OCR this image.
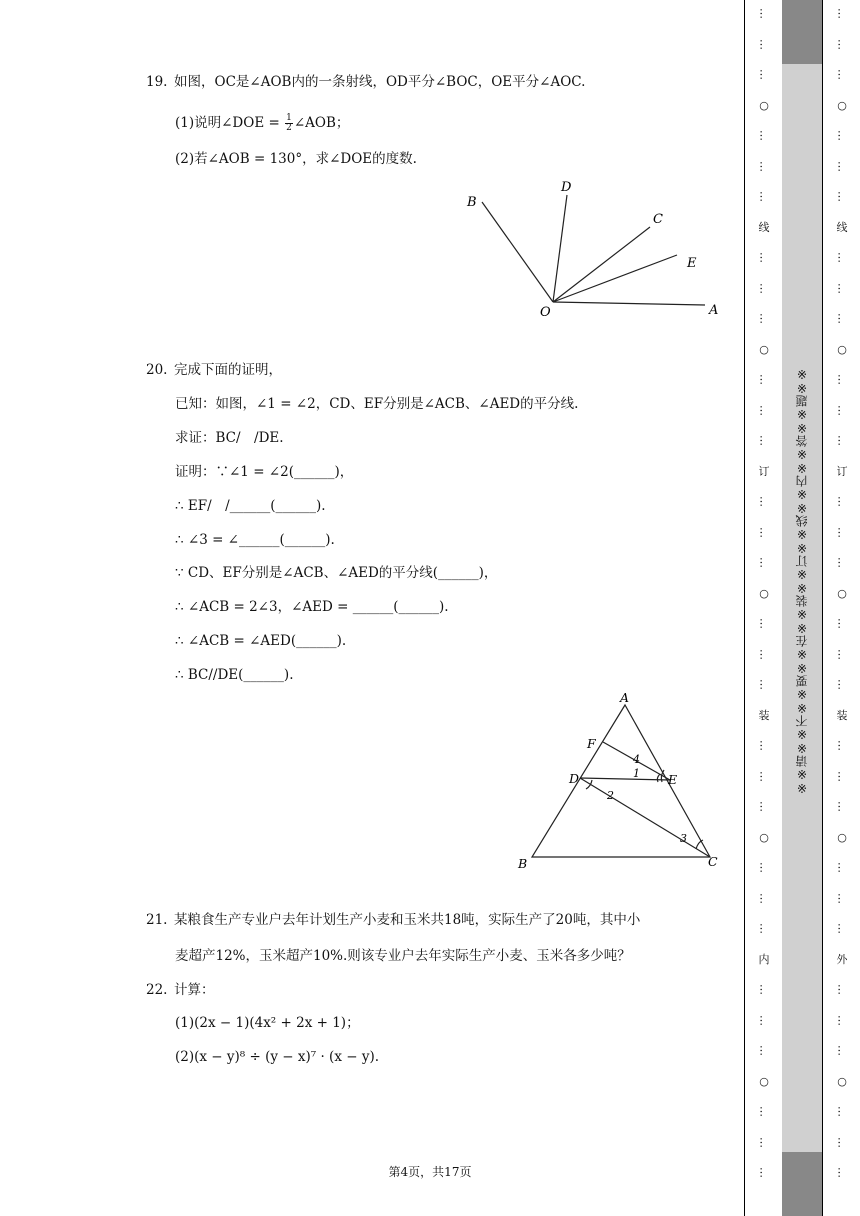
19. 如图，OC是∠AOB内的一条射线，OD平分∠BOC，OE平分∠AOC.
(1)说明∠DOE = $\frac{1}{2}$ ∠AOB；
(2)若∠AOB = 130°，求∠DOE的度数.
B
D
C
E
O	A
20. 完成下面的证明，
已知：如图，∠1 = ∠2，CD、EF分别是∠ACB、∠AED的平分线.
求证：BC/　/DE.
证明：∵∠1 = ∠2(______)，
∴ EF/　/______(______).
∴ ∠3 = ∠______(______).
∵ CD、EF分别是∠ACB、∠AED的平分线(______)，
∴ ∠ACB = 2∠3，∠AED = ______(______).
∴ ∠ACB = ∠AED(______).
∴ BC//DE(______).
A
F
D	E
B	C
4
1
2
3
21. 某粮食生产专业户去年计划生产小麦和玉米共18吨，实际生产了20吨，其中小
麦超产12%，玉米超产10%.则该专业户去年实际生产小麦、玉米各多少吨？
22. 计算：
(1)(2x − 1)(4x² + 2x + 1)；
(2)(x − y)⁸ ÷ (y − x)⁷ · (x − y).
第4页，共17页
…
…
…
○
…
…
…
线
…
…
…
○
…
…
…
订
…
…
…
○
…
…
…
装
…
…
…
○
…
…
…
内
…
…
…
○
…
…
…
※※请※※不※※要※※在※※装※※订※※线※※内※※答※※题※※
…
…
…
○
…
…
…
线
…
…
…
○
…
…
…
订
…
…
…
○
…
…
…
装
…
…
…
○
…
…
…
外
…
…
…
○
…
…
…
